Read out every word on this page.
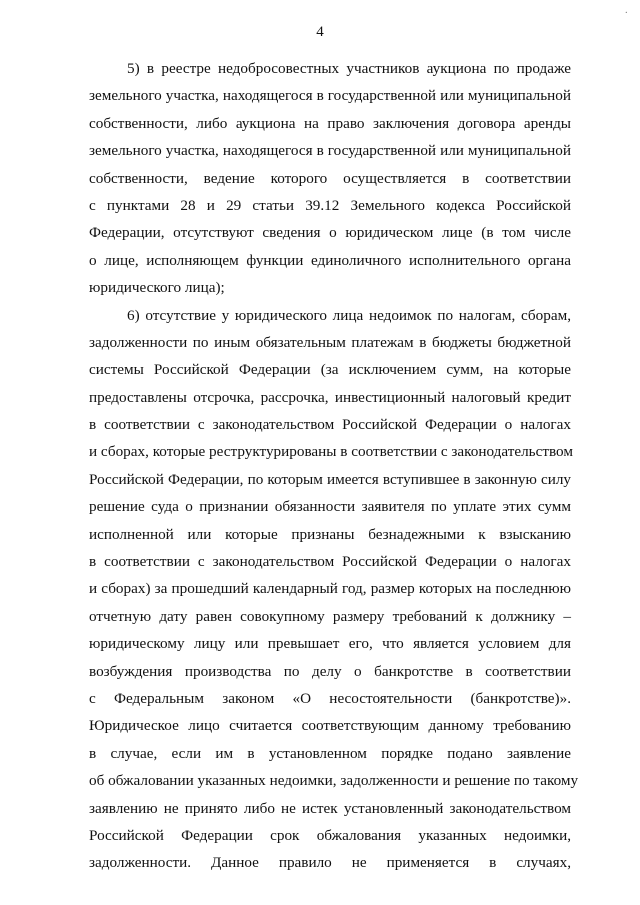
·
4
5) в реестре недобросовестных участников аукциона по продаже
земельного участка, находящегося в государственной или муниципальной
собственности, либо аукциона на право заключения договора аренды
земельного участка, находящегося в государственной или муниципальной
собственности, ведение которого осуществляется в соответствии
с пунктами 28 и 29 статьи 39.12 Земельного кодекса Российской
Федерации, отсутствуют сведения о юридическом лице (в том числе
о лице, исполняющем функции единоличного исполнительного органа
юридического лица);
6) отсутствие у юридического лица недоимок по налогам, сборам,
задолженности по иным обязательным платежам в бюджеты бюджетной
системы Российской Федерации (за исключением сумм, на которые
предоставлены отсрочка, рассрочка, инвестиционный налоговый кредит
в соответствии с законодательством Российской Федерации о налогах
и сборах, которые реструктурированы в соответствии с законодательством
Российской Федерации, по которым имеется вступившее в законную силу
решение суда о признании обязанности заявителя по уплате этих сумм
исполненной или которые признаны безнадежными к взысканию
в соответствии с законодательством Российской Федерации о налогах
и сборах) за прошедший календарный год, размер которых на последнюю
отчетную дату равен совокупному размеру требований к должнику –
юридическому лицу или превышает его, что является условием для
возбуждения производства по делу о банкротстве в соответствии
с Федеральным законом «О несостоятельности (банкротстве)».
Юридическое лицо считается соответствующим данному требованию
в случае, если им в установленном порядке подано заявление
об обжаловании указанных недоимки, задолженности и решение по такому
заявлению не принято либо не истек установленный законодательством
Российской Федерации срок обжалования указанных недоимки,
задолженности. Данное правило не применяется в случаях,
